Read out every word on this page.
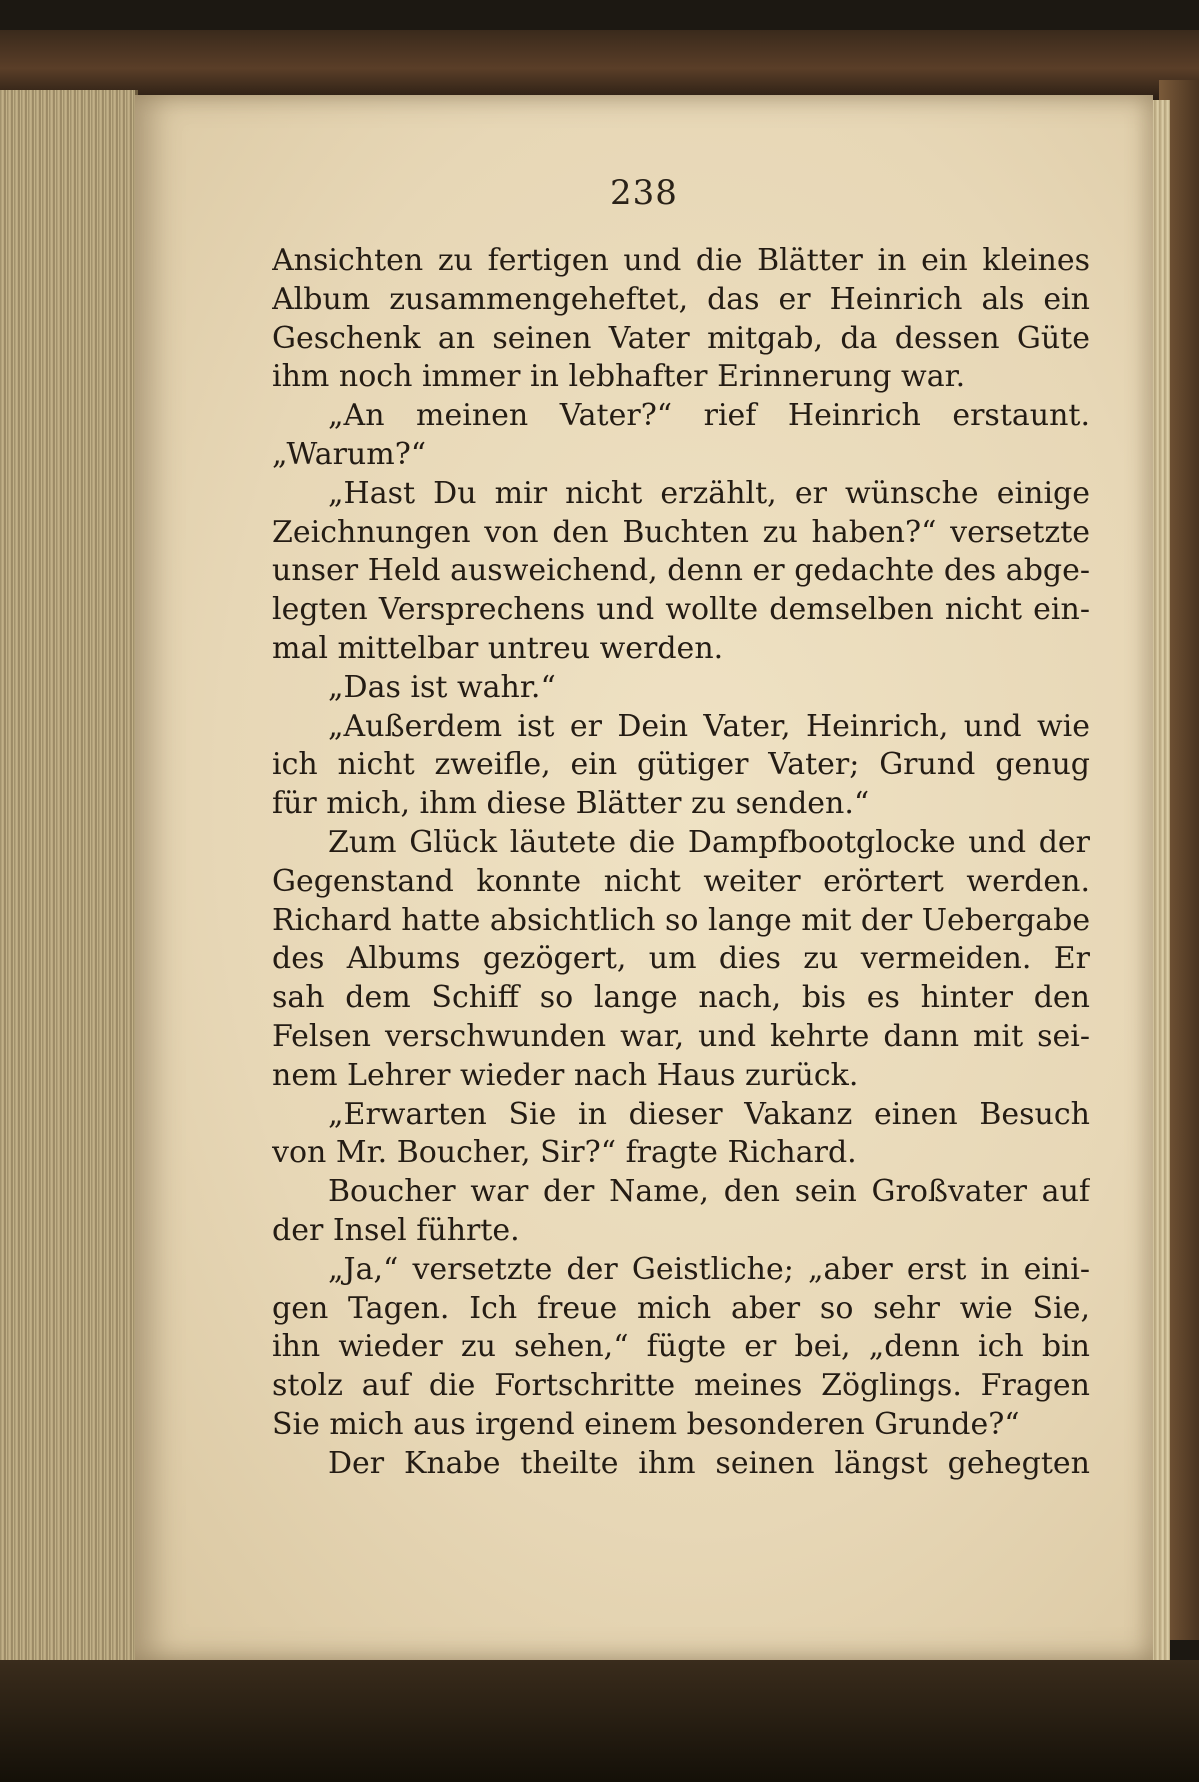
238
Ansichten zu fertigen und die Blätter in ein kleines
Album zusammengeheftet, das er Heinrich als ein
Geschenk an seinen Vater mitgab, da dessen Güte
ihm noch immer in lebhafter Erinnerung war.
„An meinen Vater?“ rief Heinrich erstaunt.
„Warum?“
„Hast Du mir nicht erzählt, er wünsche einige
Zeichnungen von den Buchten zu haben?“ versetzte
unser Held ausweichend, denn er gedachte des abge-
legten Versprechens und wollte demselben nicht ein-
mal mittelbar untreu werden.
„Das ist wahr.“
„Außerdem ist er Dein Vater, Heinrich, und wie
ich nicht zweifle, ein gütiger Vater; Grund genug
für mich, ihm diese Blätter zu senden.“
Zum Glück läutete die Dampfbootglocke und der
Gegenstand konnte nicht weiter erörtert werden.
Richard hatte absichtlich so lange mit der Uebergabe
des Albums gezögert, um dies zu vermeiden. Er
sah dem Schiff so lange nach, bis es hinter den
Felsen verschwunden war, und kehrte dann mit sei-
nem Lehrer wieder nach Haus zurück.
„Erwarten Sie in dieser Vakanz einen Besuch
von Mr. Boucher, Sir?“ fragte Richard.
Boucher war der Name, den sein Großvater auf
der Insel führte.
„Ja,“ versetzte der Geistliche; „aber erst in eini-
gen Tagen. Ich freue mich aber so sehr wie Sie,
ihn wieder zu sehen,“ fügte er bei, „denn ich bin
stolz auf die Fortschritte meines Zöglings. Fragen
Sie mich aus irgend einem besonderen Grunde?“
Der Knabe theilte ihm seinen längst gehegten
